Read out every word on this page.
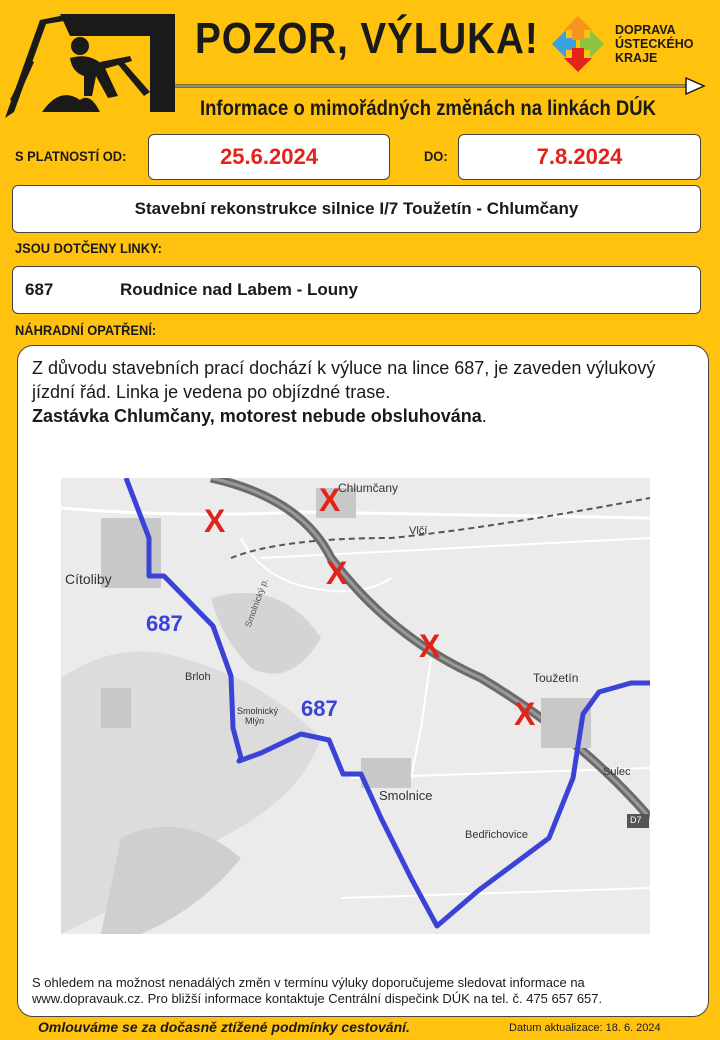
POZOR, VÝLUKA!
Informace o mimořádných změnách na linkách DÚK
DOPRAVA
ÚSTECKÉHO
KRAJE
S PLATNOSTÍ OD:	25.6.2024	DO:	7.8.2024
Stavební rekonstrukce silnice I/7 Toužetín - Chlumčany
JSOU DOTČENY LINKY:
687	Roudnice nad Labem - Louny
NÁHRADNÍ OPATŘENÍ:

Z důvodu stavebních prací dochází k výluce na lince 687, je zaveden výlukový jízdní řád. Linka je vedena po objízdné trase.

Zastávka Chlumčany, motorest nebude obsluhována.

Chlumčany
Vlčí
Cítoliby
Brloh
Smolnický
Mlýn
Smolnický p.
Smolnice
Toužetín
Sulec
Bedřichovice
D7
687
687
X
X
X
X
X
S ohledem na možnost nenadálých změn v termínu výluky doporučujeme sledovat informace na www.dopravauk.cz. Pro bližší informace kontaktuje Centrální dispečink DÚK na tel. č. 475 657 657.
Omlouváme se za dočasně ztížené podmínky cestování.	Datum aktualizace: 18. 6. 2024
